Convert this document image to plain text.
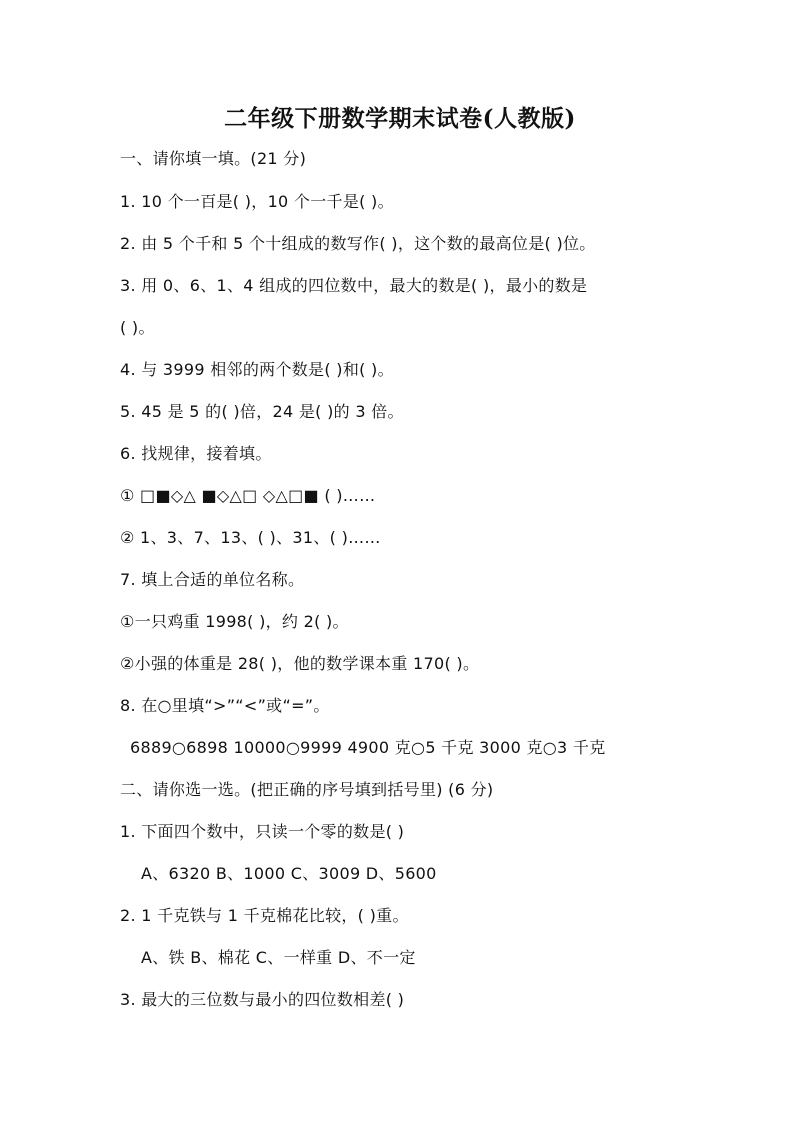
二年级下册数学期末试卷(人教版)
一、请你填一填。(21 分)
1. 10 个一百是( )，10 个一千是( )。
2. 由 5 个千和 5 个十组成的数写作( )，这个数的最高位是( )位。
3. 用 0、6、1、4 组成的四位数中，最大的数是( )，最小的数是
( )。
4. 与 3999 相邻的两个数是( )和( )。
5. 45 是 5 的( )倍，24 是( )的 3 倍。
6. 找规律，接着填。
① □■◇△ ■◇△□ ◇△□■ ( )……
② 1、3、7、13、( )、31、( )……
7. 填上合适的单位名称。
①一只鸡重 1998( )，约 2( )。
②小强的体重是 28( )，他的数学课本重 170( )。
8. 在○里填“>”“<”或“=”。
6889○6898 10000○9999 4900 克○5 千克 3000 克○3 千克
二、请你选一选。(把正确的序号填到括号里) (6 分)
1. 下面四个数中，只读一个零的数是( )
A、6320 B、1000 C、3009 D、5600
2. 1 千克铁与 1 千克棉花比较，( )重。
A、铁 B、棉花 C、一样重 D、不一定
3. 最大的三位数与最小的四位数相差( )
